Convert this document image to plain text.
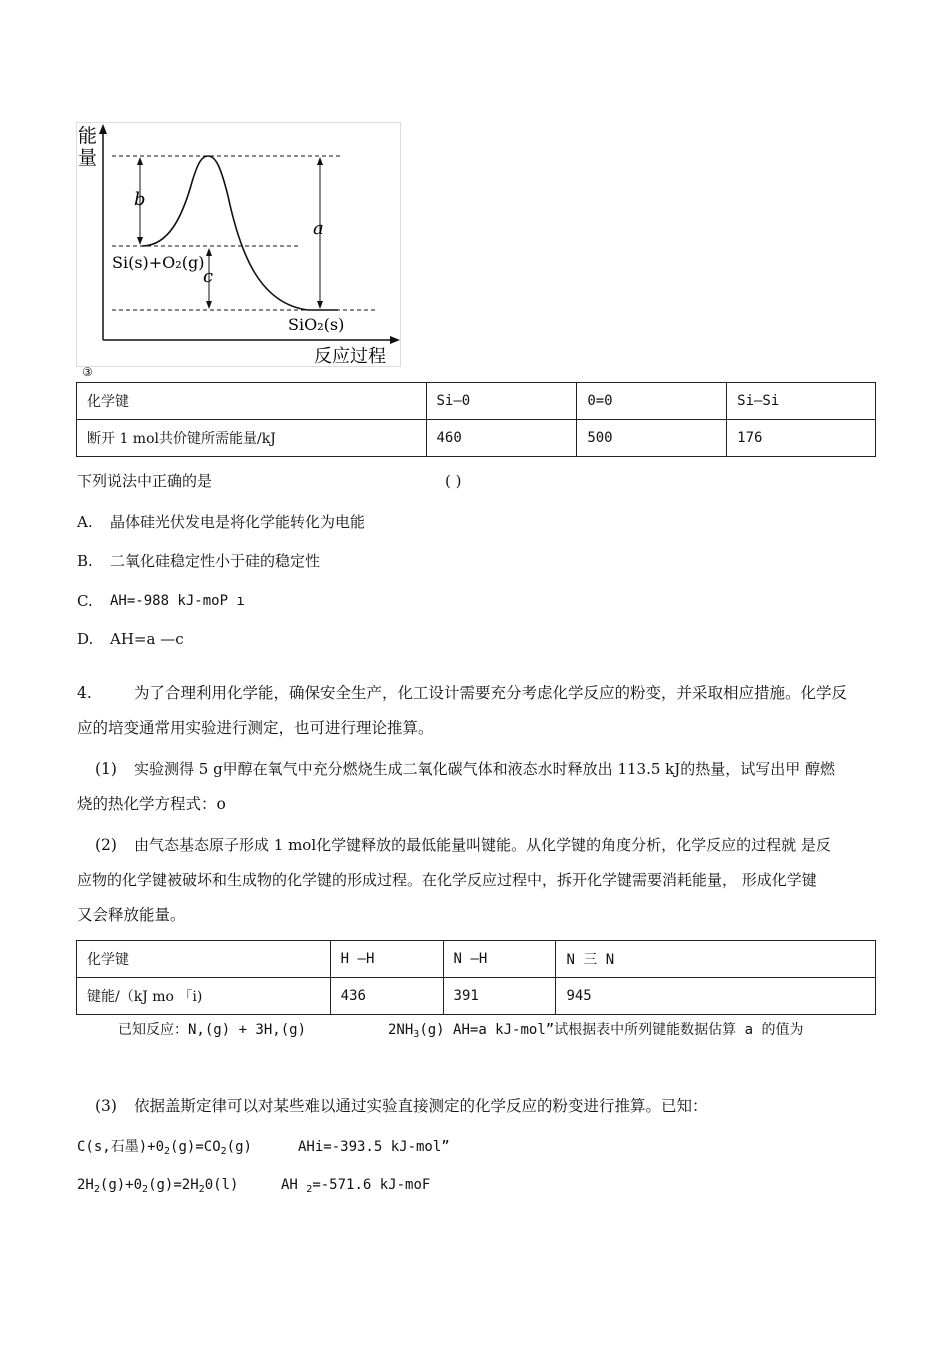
能
量
反应过程
b
a
c
Si(s)+O₂(g)
SiO₂(s)
③
化学键	Si—0	0=0	Si—Si
断开 1 mol共价键所需能量/kJ	460	500	176
下列说法中正确的是	( )
A. 晶体硅光伏发电是将化学能转化为电能
B. 二氧化硅稳定性小于硅的稳定性
C. AH=-988 kJ-moP ı
D. AH=a —c
4.	为了合理利用化学能，确保安全生产，化工设计需要充分考虑化学反应的粉变，并采取相应措施。化学反
应的培变通常用实验进行测定，也可进行理论推算。
(1) 实验测得 5 g甲醇在氧气中充分燃烧生成二氧化碳气体和液态水时释放出 113.5 kJ的热量，试写出甲 醇燃
烧的热化学方程式：o
(2) 由气态基态原子形成 1 mol化学键释放的最低能量叫键能。从化学键的角度分析，化学反应的过程就 是反
应物的化学键被破坏和生成物的化学键的形成过程。在化学反应过程中，拆开化学键需要消耗能量， 形成化学键
又会释放能量。
化学键	H —H	N —H	N 三 N
键能/（kJ mo 「i)	436	391	945
已知反应：N,(g) + 3H,(g)	$2NH_3(g)$ AH=a kJ-mol”试根据表中所列键能数据估算 a 的值为
(3) 依据盖斯定律可以对某些难以通过实验直接测定的化学反应的粉变进行推算。已知：
C(s,石墨)$+0_2(g)=CO_2(g)$	AHi=-393.5 kJ-mol”
$2H_2(g)+0_2(g)=2H_20(l)$	AH $_2$=-571.6 kJ-moF
